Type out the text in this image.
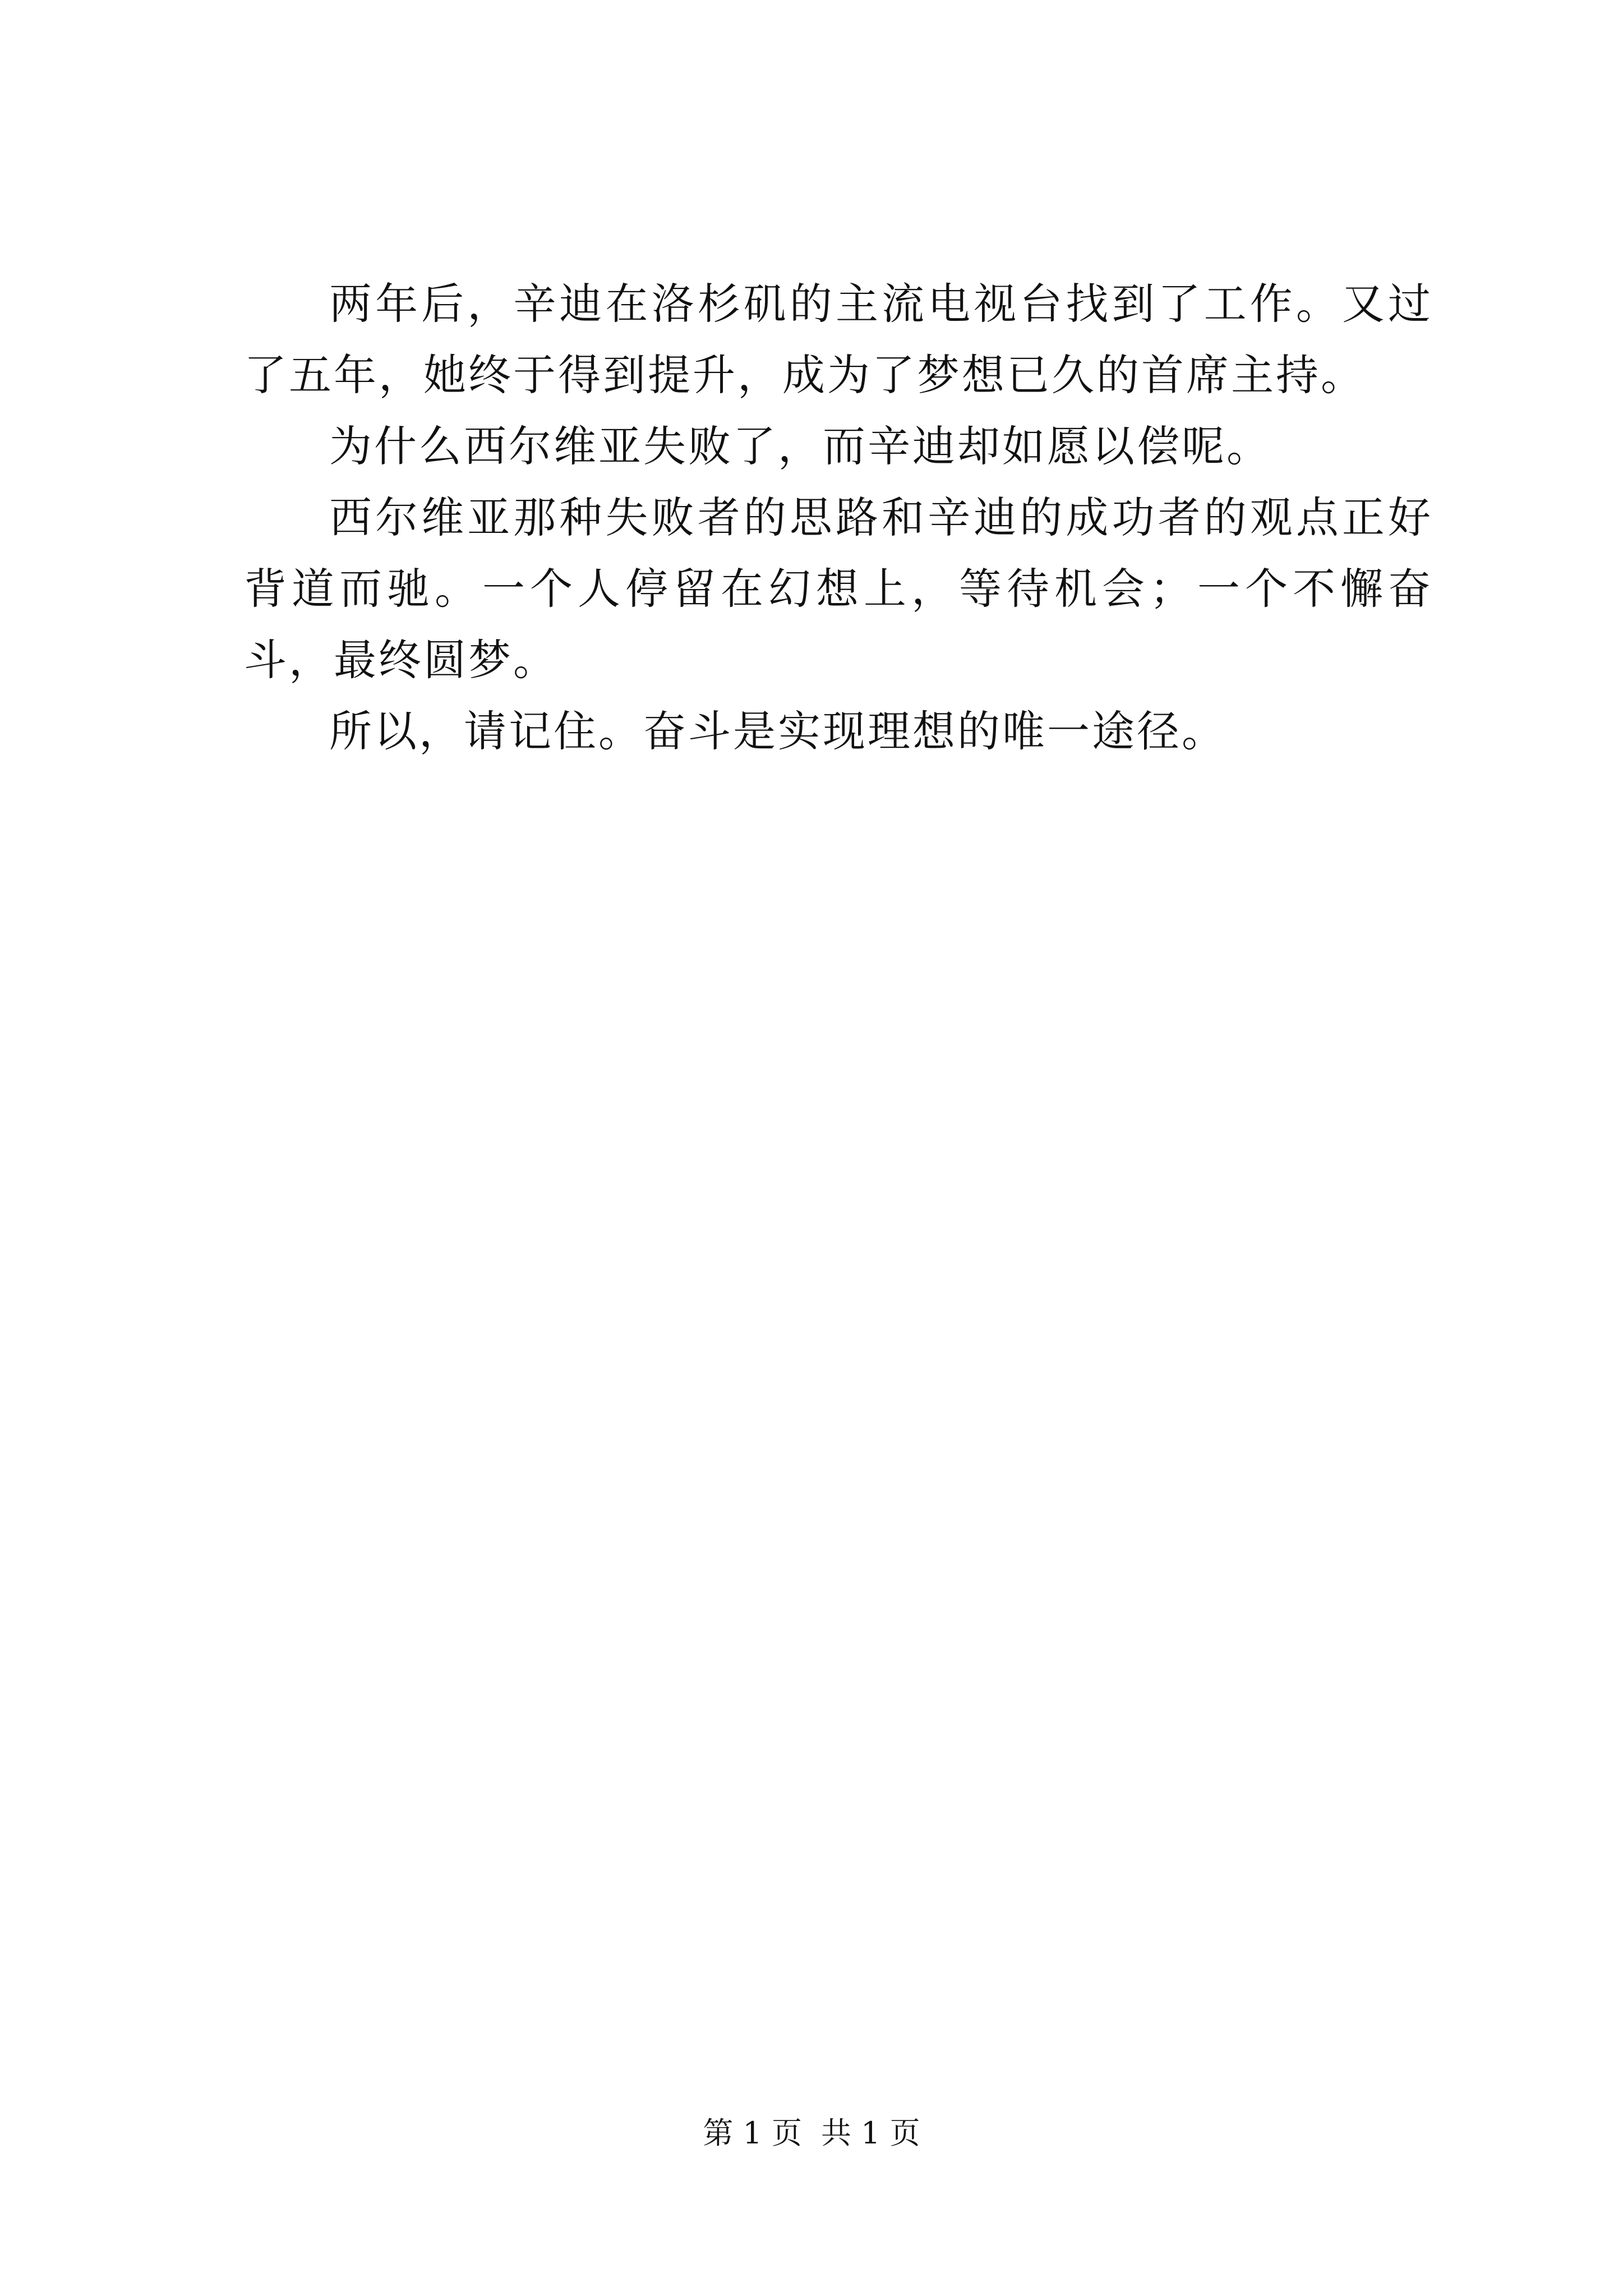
两年后，辛迪在洛杉矶的主流电视台找到了工作。又过了五年，她终于得到提升，成为了梦想已久的首席主持。

为什么西尔维亚失败了，而辛迪却如愿以偿呢。

西尔维亚那种失败者的思路和辛迪的成功者的观点正好背道而驰。一个人停留在幻想上，等待机会；一个不懈奋斗，最终圆梦。

所以，请记住。奋斗是实现理想的唯一途径。

第 1 页 共 1 页
